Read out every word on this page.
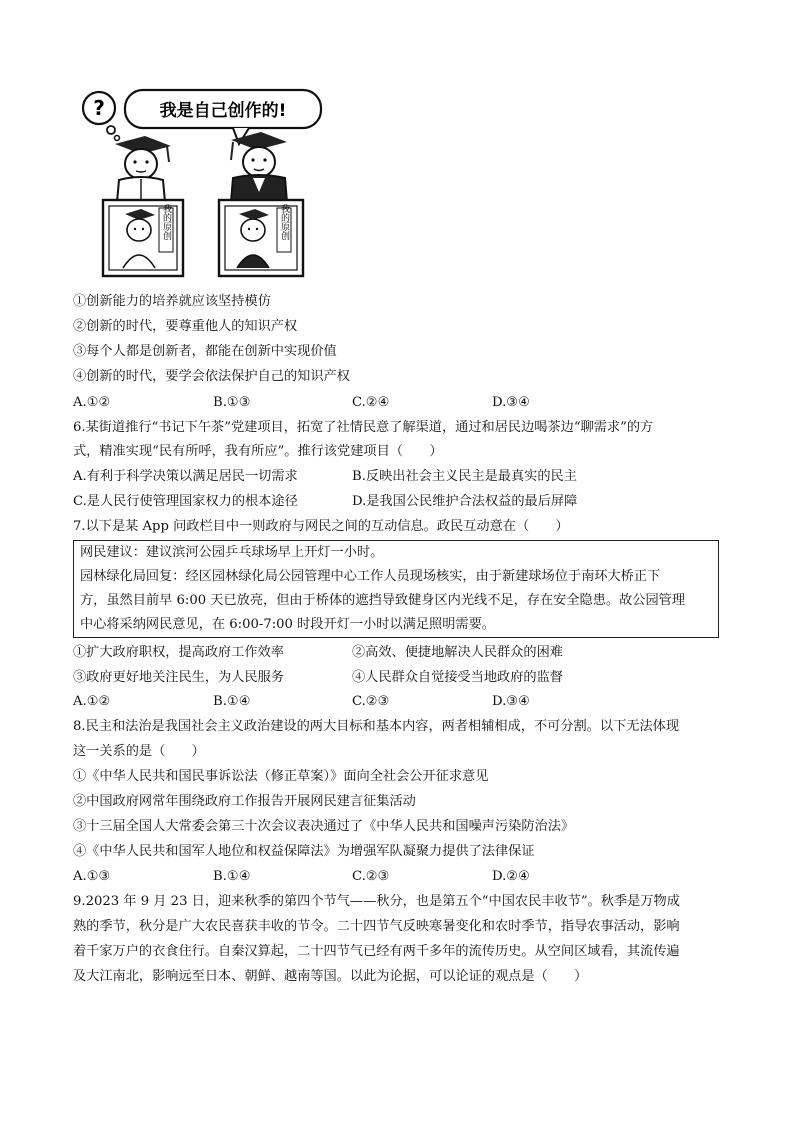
?	我是自己创作的!
我的原创	我的原创
①创新能力的培养就应该坚持模仿
②创新的时代，要尊重他人的知识产权
③每个人都是创新者，都能在创新中实现价值
④创新的时代，要学会依法保护自己的知识产权
A.①②	B.①③	C.②④	D.③④
6.某街道推行“书记下午茶”党建项目，拓宽了社情民意了解渠道，通过和居民边喝茶边“聊需求”的方
式，精准实现“民有所呼，我有所应”。推行该党建项目（　　）
A.有利于科学决策以满足居民一切需求	B.反映出社会主义民主是最真实的民主
C.是人民行使管理国家权力的根本途径	D.是我国公民维护合法权益的最后屏障
7.以下是某 App 问政栏目中一则政府与网民之间的互动信息。政民互动意在（　　）
网民建议：建议滨河公园乒乓球场早上开灯一小时。
园林绿化局回复：经区园林绿化局公园管理中心工作人员现场核实，由于新建球场位于南环大桥正下
方，虽然目前早 6:00 天已放亮，但由于桥体的遮挡导致健身区内光线不足，存在安全隐患。故公园管理
中心将采纳网民意见，在 6:00-7:00 时段开灯一小时以满足照明需要。
①扩大政府职权，提高政府工作效率	②高效、便捷地解决人民群众的困难
③政府更好地关注民生，为人民服务	④人民群众自觉接受当地政府的监督
A.①②	B.①④	C.②③	D.③④
8.民主和法治是我国社会主义政治建设的两大目标和基本内容，两者相辅相成，不可分割。以下无法体现
这一关系的是（　　）
①《中华人民共和国民事诉讼法（修正草案）》面向全社会公开征求意见
②中国政府网常年围绕政府工作报告开展网民建言征集活动
③十三届全国人大常委会第三十次会议表决通过了《中华人民共和国噪声污染防治法》
④《中华人民共和国军人地位和权益保障法》为增强军队凝聚力提供了法律保证
A.①③	B.①④	C.②③	D.②④
9.2023 年 9 月 23 日，迎来秋季的第四个节气——秋分，也是第五个“中国农民丰收节”。秋季是万物成
熟的季节，秋分是广大农民喜获丰收的节令。二十四节气反映寒暑变化和农时季节，指导农事活动，影响
着千家万户的衣食住行。自秦汉算起，二十四节气已经有两千多年的流传历史。从空间区域看，其流传遍
及大江南北，影响远至日本、朝鲜、越南等国。以此为论据，可以论证的观点是（　　）
